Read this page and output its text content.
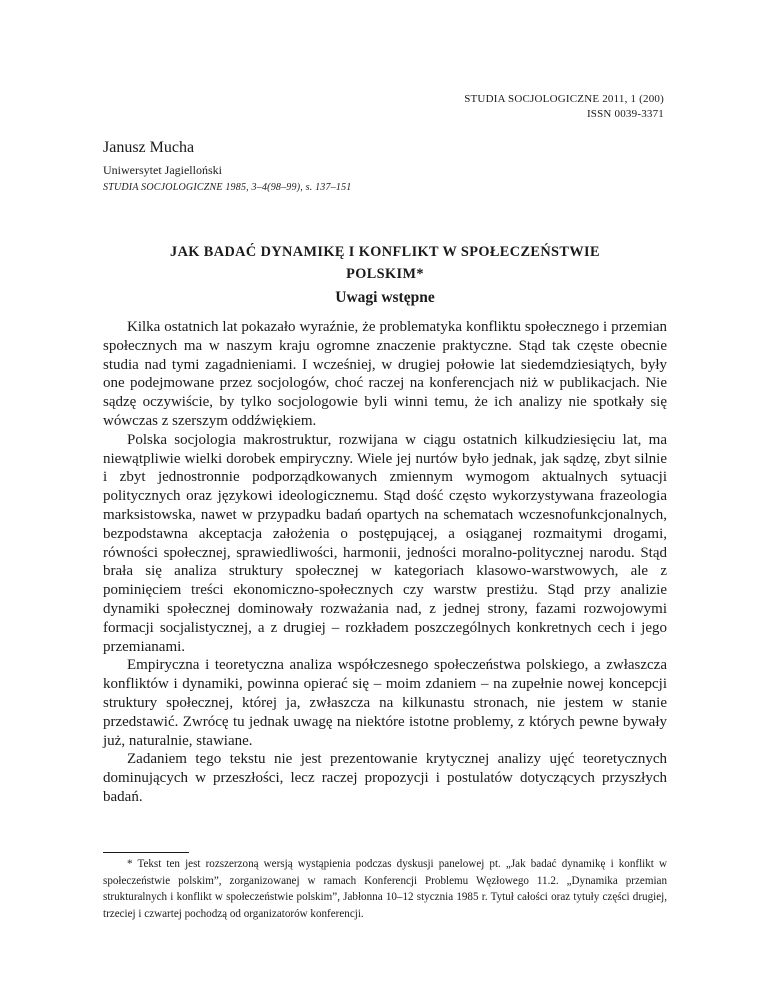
STUDIA SOCJOLOGICZNE 2011, 1 (200)
ISSN 0039-3371
Janusz Mucha
Uniwersytet Jagielloński
STUDIA SOCJOLOGICZNE 1985, 3–4(98–99), s. 137–151
JAK BADAĆ DYNAMIKĘ I KONFLIKT W SPOŁECZEŃSTWIE
POLSKIM*
Uwagi wstępne

Kilka ostatnich lat pokazało wyraźnie, że problematyka konfliktu społecznego i przemian społecznych ma w naszym kraju ogromne znaczenie praktyczne. Stąd tak częste obecnie studia nad tymi zagadnieniami. I wcześniej, w drugiej połowie lat siedemdziesiątych, były one podejmowane przez socjologów, choć raczej na konferencjach niż w publikacjach. Nie sądzę oczywiście, by tylko socjologowie byli winni temu, że ich analizy nie spotkały się wówczas z szerszym oddźwiękiem.

Polska socjologia makrostruktur, rozwijana w ciągu ostatnich kilkudziesięciu lat, ma niewątpliwie wielki dorobek empiryczny. Wiele jej nurtów było jednak, jak sądzę, zbyt silnie i zbyt jednostronnie podporządkowanych zmiennym wymogom aktualnych sytuacji politycznych oraz językowi ideologicznemu. Stąd dość często wykorzystywana frazeologia marksistowska, nawet w przypadku badań opartych na schematach wczesnofunkcjonalnych, bezpodstawna akceptacja założenia o postępującej, a osiąganej rozmaitymi drogami, równości społecznej, sprawiedliwości, harmonii, jedności moralno-politycznej narodu. Stąd brała się analiza struktury społecznej w kategoriach klasowo-warstwowych, ale z pominięciem treści ekonomiczno-społecznych czy warstw prestiżu. Stąd przy analizie dynamiki społecznej dominowały rozważania nad, z jednej strony, fazami rozwojowymi formacji socjalistycznej, a z drugiej – rozkładem poszczególnych konkretnych cech i jego przemianami.

Empiryczna i teoretyczna analiza współczesnego społeczeństwa polskiego, a zwłaszcza konfliktów i dynamiki, powinna opierać się – moim zdaniem – na zupełnie nowej koncepcji struktury społecznej, której ja, zwłaszcza na kilkunastu stronach, nie jestem w stanie przedstawić. Zwrócę tu jednak uwagę na niektóre istotne problemy, z których pewne bywały już, naturalnie, stawiane.

Zadaniem tego tekstu nie jest prezentowanie krytycznej analizy ujęć teoretycznych dominujących w przeszłości, lecz raczej propozycji i postulatów dotyczących przyszłych badań.

* Tekst ten jest rozszerzoną wersją wystąpienia podczas dyskusji panelowej pt. „Jak badać dynamikę i konflikt w społeczeństwie polskim”, zorganizowanej w ramach Konferencji Problemu Węzłowego 11.2. „Dynamika przemian strukturalnych i konflikt w społeczeństwie polskim”, Jabłonna 10–12 stycznia 1985 r. Tytuł całości oraz tytuły części drugiej, trzeciej i czwartej pochodzą od organizatorów konferencji.
